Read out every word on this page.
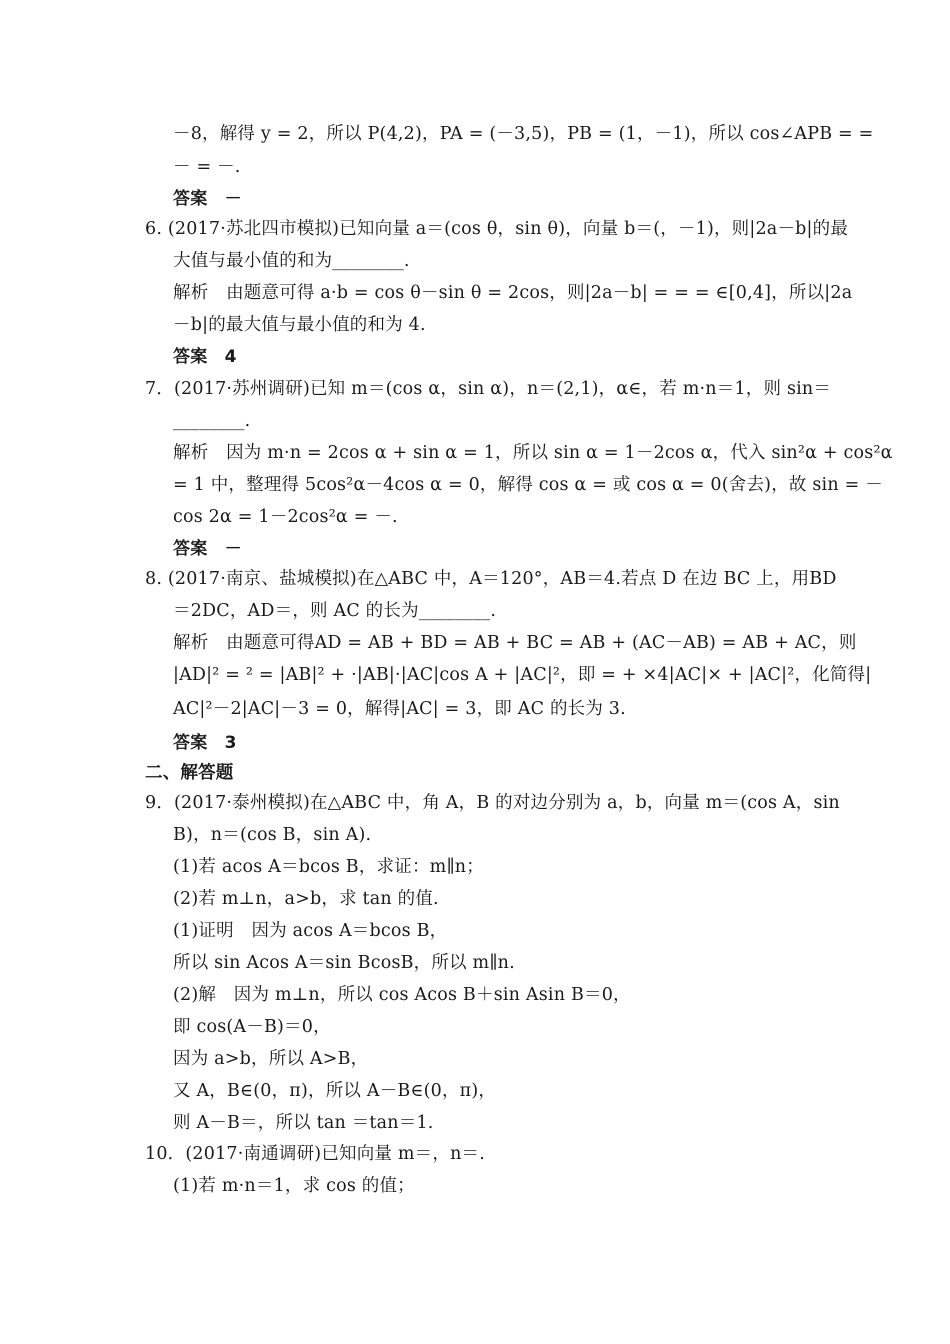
－8，解得 y = 2，所以 P(4,2)，PA = (－3,5)，PB = (1，－1)，所以 cos∠APB = =
－ = －.
答案　－
6. (2017·苏北四市模拟)已知向量 a＝(cos θ，sin θ)，向量 b＝(，－1)，则|2a－b|的最
大值与最小值的和为________.
解析　由题意可得 a·b = cos θ－sin θ = 2cos，则|2a－b| = = = ∈[0,4]，所以|2a
－b|的最大值与最小值的和为 4.
答案　4
7．(2017·苏州调研)已知 m＝(cos α，sin α)，n＝(2,1)，α∈，若 m·n＝1，则 sin＝
________.
解析　因为 m·n = 2cos α + sin α = 1，所以 sin α = 1－2cos α，代入 sin²α + cos²α
= 1 中，整理得 5cos²α－4cos α = 0，解得 cos α = 或 cos α = 0(舍去)，故 sin = －
cos 2α = 1－2cos²α = －.
答案　－
8. (2017·南京、盐城模拟)在△ABC 中，A＝120°，AB＝4.若点 D 在边 BC 上，用BD
＝2DC，AD＝，则 AC 的长为________.
解析　由题意可得AD = AB + BD = AB + BC = AB + (AC－AB) = AB + AC，则
|AD|² = ² = |AB|² + ·|AB|·|AC|cos A + |AC|²，即 = + ×4|AC|× + |AC|²，化简得|
AC|²－2|AC|－3 = 0，解得|AC| = 3，即 AC 的长为 3.
答案　3
二、解答题
9．(2017·泰州模拟)在△ABC 中，角 A，B 的对边分别为 a，b，向量 m＝(cos A，sin
B)，n＝(cos B，sin A).
(1)若 acos A＝bcos B，求证：m∥n；
(2)若 m⊥n，a>b，求 tan 的值.
(1)证明　因为 acos A＝bcos B，
所以 sin Acos A＝sin BcosB，所以 m∥n.
(2)解　因为 m⊥n，所以 cos Acos B＋sin Asin B＝0，
即 cos(A－B)＝0，
因为 a>b，所以 A>B，
又 A，B∈(0，π)，所以 A－B∈(0，π)，
则 A－B＝，所以 tan ＝tan＝1.
10．(2017·南通调研)已知向量 m＝，n＝.
(1)若 m·n＝1，求 cos 的值；
